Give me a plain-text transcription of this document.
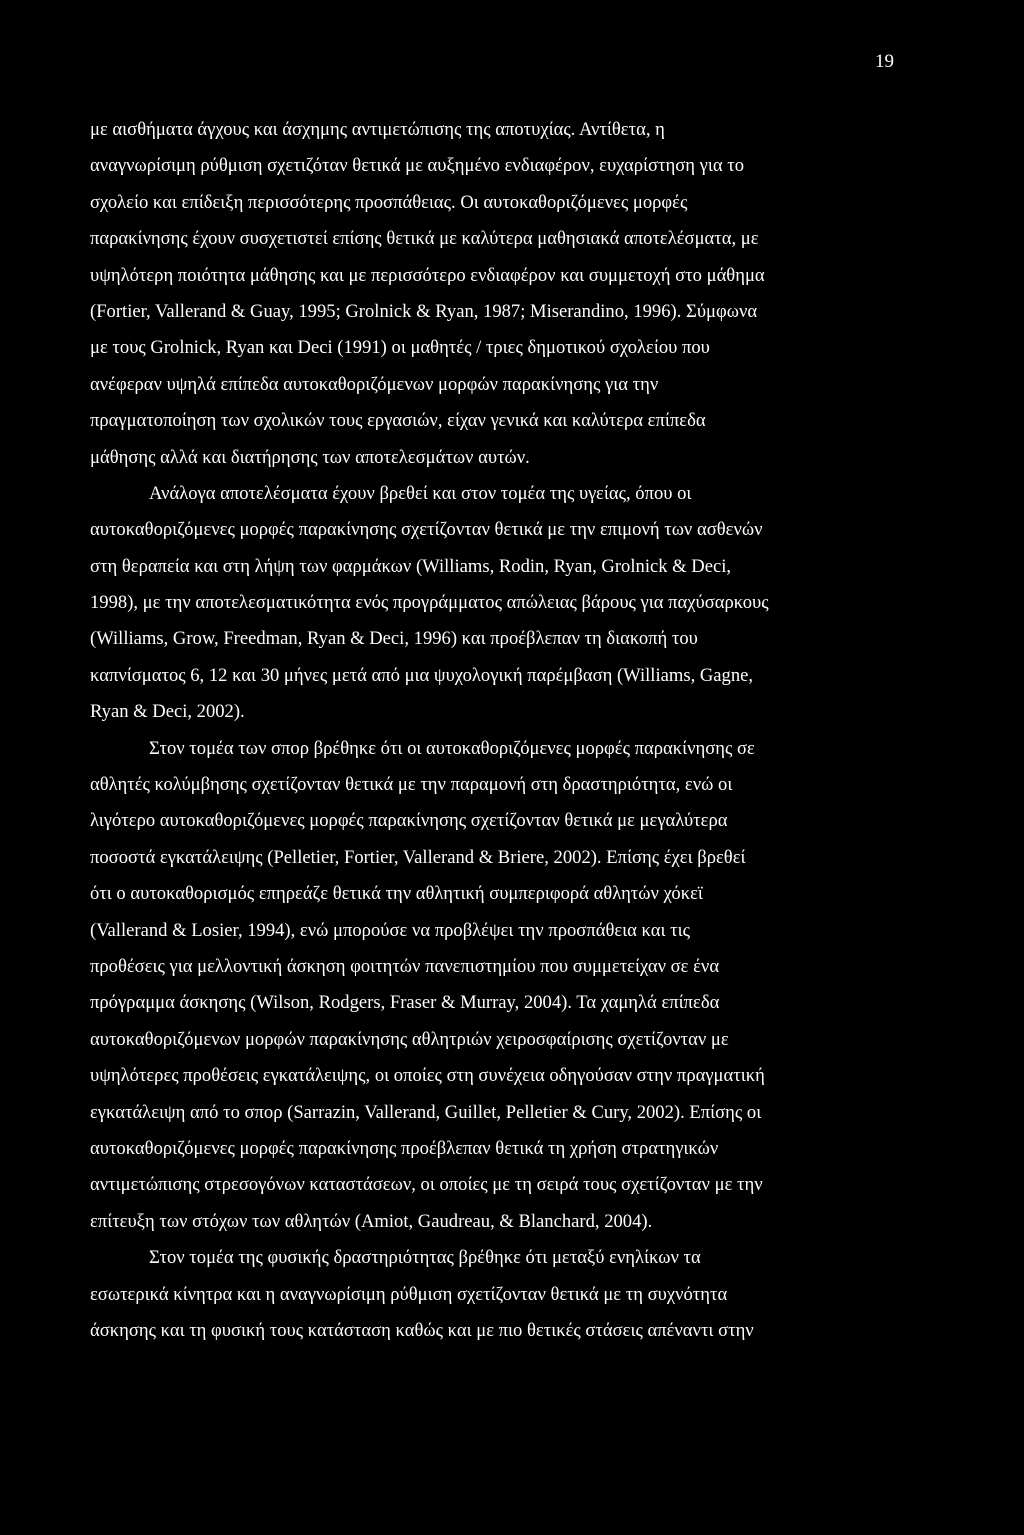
19
με αισθήματα άγχους και άσχημης αντιμετώπισης της αποτυχίας. Αντίθετα, η
αναγνωρίσιμη ρύθμιση σχετιζόταν θετικά με αυξημένο ενδιαφέρον, ευχαρίστηση για το
σχολείο και επίδειξη περισσότερης προσπάθειας. Οι αυτοκαθοριζόμενες μορφές
παρακίνησης έχουν συσχετιστεί επίσης θετικά με καλύτερα μαθησιακά αποτελέσματα, με
υψηλότερη ποιότητα μάθησης και με περισσότερο ενδιαφέρον και συμμετοχή στο μάθημα
(Fortier, Vallerand & Guay, 1995; Grolnick & Ryan, 1987; Miserandino, 1996). Σύμφωνα
με τους Grolnick, Ryan και Deci (1991) οι μαθητές / τριες δημοτικού σχολείου που
ανέφεραν υψηλά επίπεδα αυτοκαθοριζόμενων μορφών παρακίνησης για την
πραγματοποίηση των σχολικών τους εργασιών, είχαν γενικά και καλύτερα επίπεδα
μάθησης αλλά και διατήρησης των αποτελεσμάτων αυτών.
Ανάλογα αποτελέσματα έχουν βρεθεί και στον τομέα της υγείας, όπου οι
αυτοκαθοριζόμενες μορφές παρακίνησης σχετίζονταν θετικά με την επιμονή των ασθενών
στη θεραπεία και στη λήψη των φαρμάκων (Williams, Rodin, Ryan, Grolnick & Deci,
1998), με την αποτελεσματικότητα ενός προγράμματος απώλειας βάρους για παχύσαρκους
(Williams, Grow, Freedman, Ryan & Deci, 1996) και προέβλεπαν τη διακοπή του
καπνίσματος 6, 12 και 30 μήνες μετά από μια ψυχολογική παρέμβαση (Williams, Gagne,
Ryan & Deci, 2002).
Στον τομέα των σπορ βρέθηκε ότι οι αυτοκαθοριζόμενες μορφές παρακίνησης σε
αθλητές κολύμβησης σχετίζονταν θετικά με την παραμονή στη δραστηριότητα, ενώ οι
λιγότερο αυτοκαθοριζόμενες μορφές παρακίνησης σχετίζονταν θετικά με μεγαλύτερα
ποσοστά εγκατάλειψης (Pelletier, Fortier, Vallerand & Briere, 2002). Επίσης έχει βρεθεί
ότι ο αυτοκαθορισμός επηρεάζε θετικά την αθλητική συμπεριφορά αθλητών χόκεϊ
(Vallerand & Losier, 1994), ενώ μπορούσε να προβλέψει την προσπάθεια και τις
προθέσεις για μελλοντική άσκηση φοιτητών πανεπιστημίου που συμμετείχαν σε ένα
πρόγραμμα άσκησης (Wilson, Rodgers, Fraser & Murray, 2004). Τα χαμηλά επίπεδα
αυτοκαθοριζόμενων μορφών παρακίνησης αθλητριών χειροσφαίρισης σχετίζονταν με
υψηλότερες προθέσεις εγκατάλειψης, οι οποίες στη συνέχεια οδηγούσαν στην πραγματική
εγκατάλειψη από το σπορ (Sarrazin, Vallerand, Guillet, Pelletier & Cury, 2002). Επίσης οι
αυτοκαθοριζόμενες μορφές παρακίνησης προέβλεπαν θετικά τη χρήση στρατηγικών
αντιμετώπισης στρεσογόνων καταστάσεων, οι οποίες με τη σειρά τους σχετίζονταν με την
επίτευξη των στόχων των αθλητών (Amiot, Gaudreau, & Blanchard, 2004).
Στον τομέα της φυσικής δραστηριότητας βρέθηκε ότι μεταξύ ενηλίκων τα
εσωτερικά κίνητρα και η αναγνωρίσιμη ρύθμιση σχετίζονταν θετικά με τη συχνότητα
άσκησης και τη φυσική τους κατάσταση καθώς και με πιο θετικές στάσεις απέναντι στην
